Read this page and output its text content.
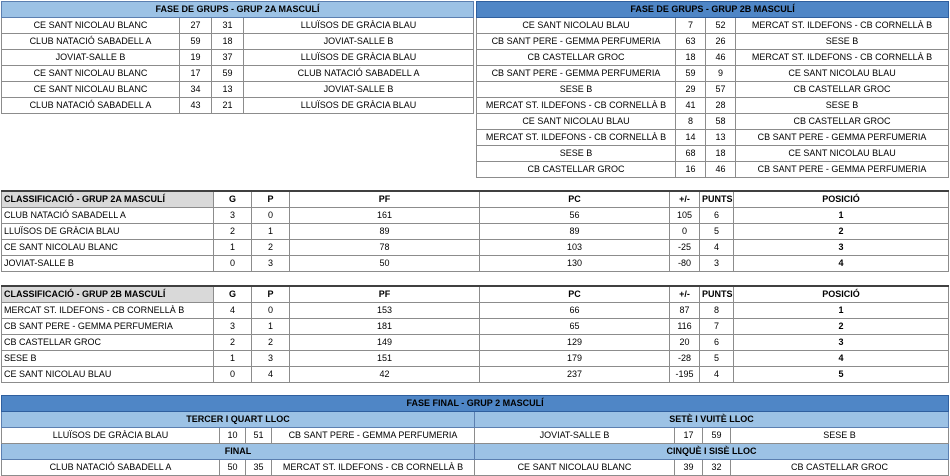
FASE DE GRUPS - GRUP 2A MASCULÍ			
CE SANT NICOLAU BLANC	27	31	LLUÏSOS DE GRÀCIA BLAU
CLUB NATACIÓ SABADELL A	59	18	JOVIAT-SALLE B
JOVIAT-SALLE B	19	37	LLUÏSOS DE GRÀCIA BLAU
CE SANT NICOLAU BLANC	17	59	CLUB NATACIÓ SABADELL A
CE SANT NICOLAU BLANC	34	13	JOVIAT-SALLE B
CLUB NATACIÓ SABADELL A	43	21	LLUÏSOS DE GRÀCIA BLAU
FASE DE GRUPS - GRUP 2B MASCULÍ			
CE SANT NICOLAU BLAU	7	52	MERCAT ST. ILDEFONS - CB CORNELLÀ B
CB SANT PERE - GEMMA PERFUMERIA	63	26	SESE B
CB CASTELLAR GROC	18	46	MERCAT ST. ILDEFONS - CB CORNELLÀ B
CB SANT PERE - GEMMA PERFUMERIA	59	9	CE SANT NICOLAU BLAU
SESE B	29	57	CB CASTELLAR GROC
MERCAT ST. ILDEFONS - CB CORNELLÀ B	41	28	SESE B
CE SANT NICOLAU BLAU	8	58	CB CASTELLAR GROC
MERCAT ST. ILDEFONS - CB CORNELLÀ B	14	13	CB SANT PERE - GEMMA PERFUMERIA
SESE B	68	18	CE SANT NICOLAU BLAU
CB CASTELLAR GROC	16	46	CB SANT PERE - GEMMA PERFUMERIA
CLASSIFICACIÓ - GRUP 2A MASCULÍ	G	P	PF	PC	+/-	PUNTS	POSICIÓ
CLUB NATACIÓ SABADELL A	3	0	161	56	105	6	1
LLUÏSOS DE GRÀCIA BLAU	2	1	89	89	0	5	2
CE SANT NICOLAU BLANC	1	2	78	103	-25	4	3
JOVIAT-SALLE B	0	3	50	130	-80	3	4
CLASSIFICACIÓ - GRUP 2B MASCULÍ	G	P	PF	PC	+/-	PUNTS	POSICIÓ
MERCAT ST. ILDEFONS - CB CORNELLÀ B	4	0	153	66	87	8	1
CB SANT PERE - GEMMA PERFUMERIA	3	1	181	65	116	7	2
CB CASTELLAR GROC	2	2	149	129	20	6	3
SESE B	1	3	151	179	-28	5	4
CE SANT NICOLAU BLAU	0	4	42	237	-195	4	5
FASE FINAL - GRUP 2 MASCULÍ							
TERCER I QUART LLOC				SETÈ I VUITÈ LLOC			
LLUÏSOS DE GRÀCIA BLAU	10	51	CB SANT PERE - GEMMA PERFUMERIA	JOVIAT-SALLE B	17	59	SESE B
FINAL				CINQUÈ I SISÈ LLOC			
CLUB NATACIÓ SABADELL A	50	35	MERCAT ST. ILDEFONS - CB CORNELLÀ B	CE SANT NICOLAU BLANC	39	32	CB CASTELLAR GROC
